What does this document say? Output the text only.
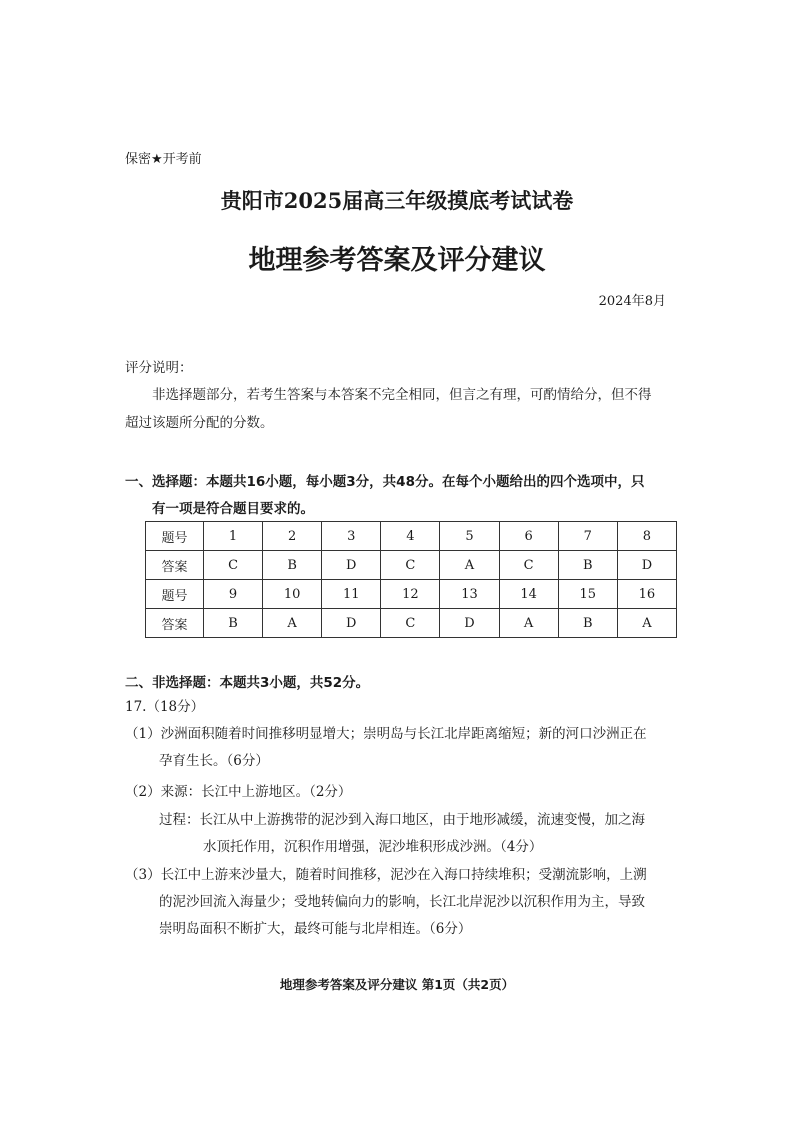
保密★开考前
贵阳市2025届高三年级摸底考试试卷
地理参考答案及评分建议
2024年8月
评分说明：
非选择题部分，若考生答案与本答案不完全相同，但言之有理，可酌情给分，但不得
超过该题所分配的分数。
一、选择题：本题共16小题，每小题3分，共48分。在每个小题给出的四个选项中，只
有一项是符合题目要求的。
题号	1	2	3	4	5	6	7	8
答案	C	B	D	C	A	C	B	D
题号	9	10	11	12	13	14	15	16
答案	B	A	D	C	D	A	B	A
二、非选择题：本题共3小题，共52分。
17.（18分）
（1）沙洲面积随着时间推移明显增大；崇明岛与长江北岸距离缩短；新的河口沙洲正在
孕育生长。（6分）
（2）来源：长江中上游地区。（2分）
过程：长江从中上游携带的泥沙到入海口地区，由于地形减缓，流速变慢，加之海
水顶托作用，沉积作用增强，泥沙堆积形成沙洲。（4分）
（3）长江中上游来沙量大，随着时间推移，泥沙在入海口持续堆积；受潮流影响，上溯
的泥沙回流入海量少；受地转偏向力的影响，长江北岸泥沙以沉积作用为主，导致
崇明岛面积不断扩大，最终可能与北岸相连。（6分）
地理参考答案及评分建议 第1页（共2页）
